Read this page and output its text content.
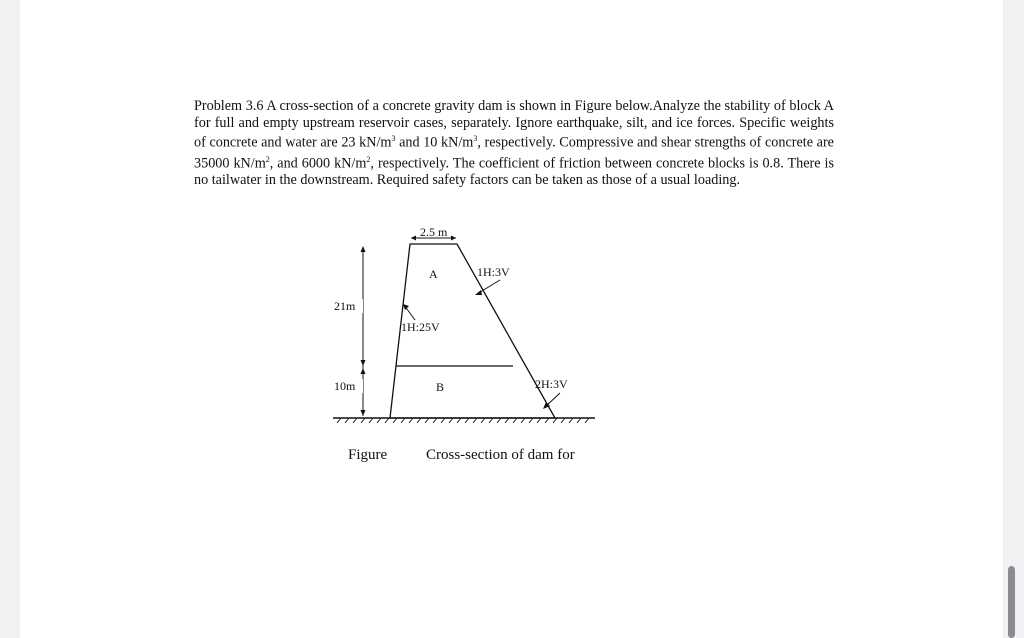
Problem 3.6 A cross-section of a concrete gravity dam is shown in Figure below.Analyze the stability of block A for full and empty upstream reservoir cases, separately. Ignore earthquake, silt, and ice forces. Specific weights of concrete and water are 23 $kN/m^3$ and 10 $kN/m^3$, respectively. Compressive and shear strengths of concrete are 35000 $kN/m^2$, and 6000 $kN/m^2$, respectively. The coefficient of friction between concrete blocks is 0.8. There is no tailwater in the downstream. Required safety factors can be taken as those of a usual loading.
2.5 m
21m
10m
A
B
1H:3V
1H:25V
2H:3V
Figure	Cross-section of dam for
